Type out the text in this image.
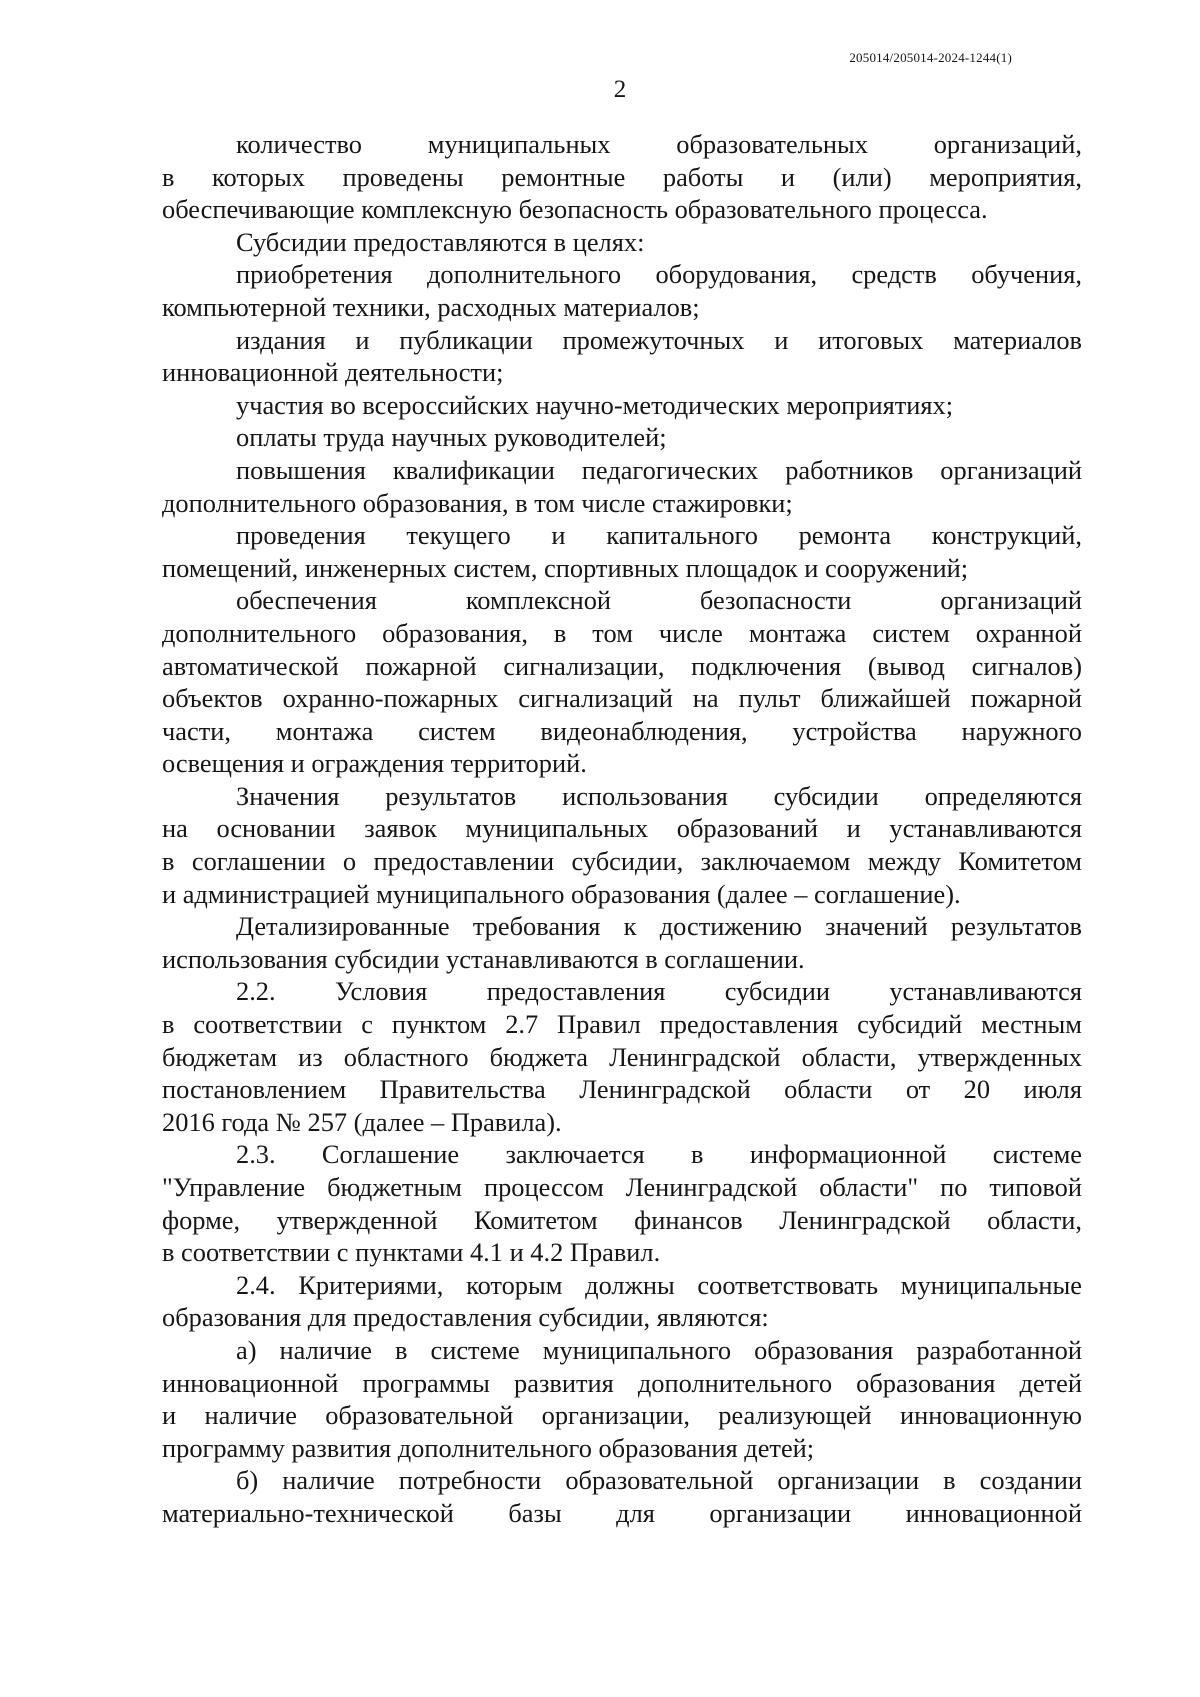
205014/205014-2024-1244(1)
2
количество муниципальных образовательных организаций,
в которых проведены ремонтные работы и (или) мероприятия,
обеспечивающие комплексную безопасность образовательного процесса.
Субсидии предоставляются в целях:
приобретения дополнительного оборудования, средств обучения,
компьютерной техники, расходных материалов;
издания и публикации промежуточных и итоговых материалов
инновационной деятельности;
участия во всероссийских научно-методических мероприятиях;
оплаты труда научных руководителей;
повышения квалификации педагогических работников организаций
дополнительного образования, в том числе стажировки;
проведения текущего и капитального ремонта конструкций,
помещений, инженерных систем, спортивных площадок и сооружений;
обеспечения комплексной безопасности организаций
дополнительного образования, в том числе монтажа систем охранной
автоматической пожарной сигнализации, подключения (вывод сигналов)
объектов охранно-пожарных сигнализаций на пульт ближайшей пожарной
части, монтажа систем видеонаблюдения, устройства наружного
освещения и ограждения территорий.
Значения результатов использования субсидии определяются
на основании заявок муниципальных образований и устанавливаются
в соглашении о предоставлении субсидии, заключаемом между Комитетом
и администрацией муниципального образования (далее – соглашение).
Детализированные требования к достижению значений результатов
использования субсидии устанавливаются в соглашении.
2.2. Условия предоставления субсидии устанавливаются
в соответствии с пунктом 2.7 Правил предоставления субсидий местным
бюджетам из областного бюджета Ленинградской области, утвержденных
постановлением Правительства Ленинградской области от 20 июля
2016 года № 257 (далее – Правила).
2.3. Соглашение заключается в информационной системе
"Управление бюджетным процессом Ленинградской области" по типовой
форме, утвержденной Комитетом финансов Ленинградской области,
в соответствии с пунктами 4.1 и 4.2 Правил.
2.4. Критериями, которым должны соответствовать муниципальные
образования для предоставления субсидии, являются:
а) наличие в системе муниципального образования разработанной
инновационной программы развития дополнительного образования детей
и наличие образовательной организации, реализующей инновационную
программу развития дополнительного образования детей;
б) наличие потребности образовательной организации в создании
материально-технической базы для организации инновационной
